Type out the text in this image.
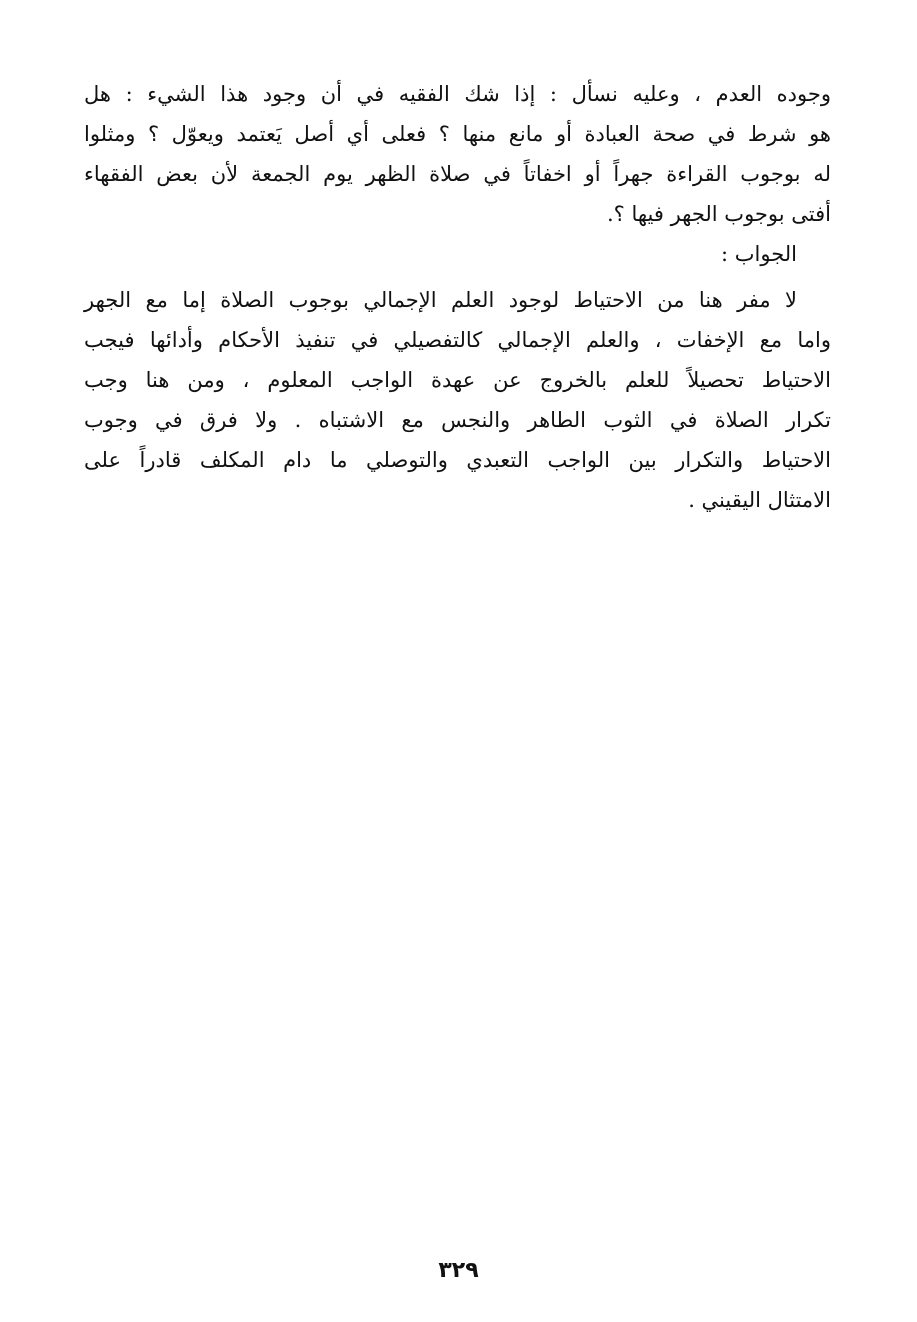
وجوده العدم ، وعليه نسأل : إذا شك الفقيه في أن وجود هذا الشيء : هل
هو شرط في صحة العبادة أو مانع منها ؟ فعلى أي أصل يَعتمد ويعوّل ؟ ومثلوا
له بوجوب القراءة جهراً أو اخفاتاً في صلاة الظهر يوم الجمعة لأن بعض الفقهاء
أفتى بوجوب الجهر فيها ؟.
الجواب :
لا مفر هنا من الاحتياط لوجود العلم الإجمالي بوجوب الصلاة إما مع الجهر
واما مع الإخفات ، والعلم الإجمالي كالتفصيلي في تنفيذ الأحكام وأدائها فيجب
الاحتياط تحصيلاً للعلم بالخروج عن عهدة الواجب المعلوم ، ومن هنا وجب
تكرار الصلاة في الثوب الطاهر والنجس مع الاشتباه . ولا فرق في وجوب
الاحتياط والتكرار بين الواجب التعبدي والتوصلي ما دام المكلف قادراً على
الامتثال اليقيني .
٣٢٩
